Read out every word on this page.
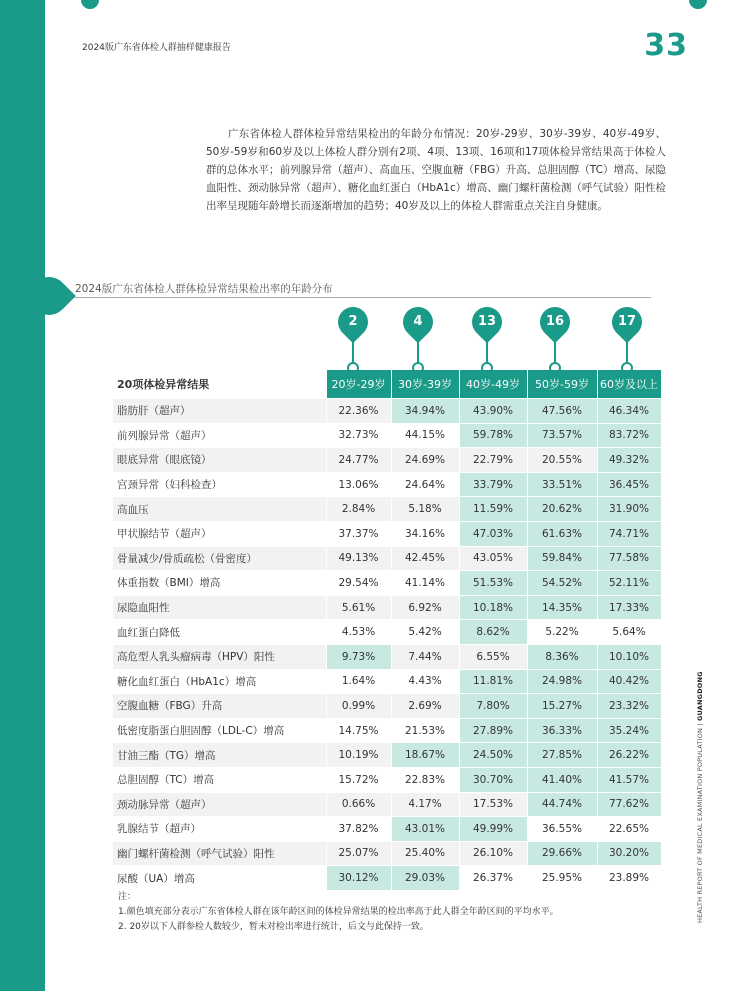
2024版广东省体检人群抽样健康报告	33

广东省体检人群体检异常结果检出的年龄分布情况：20岁-29岁、30岁-39岁、40岁-49岁、50岁-59岁和60岁及以上体检人群分别有2项、4项、13项、16项和17项体检异常结果高于体检人群的总体水平；前列腺异常（超声）、高血压、空腹血糖（FBG）升高、总胆固醇（TC）增高、尿隐血阳性、颈动脉异常（超声）、糖化血红蛋白（HbA1c）增高、幽门螺杆菌检测（呼气试验）阳性检出率呈现随年龄增长而逐渐增加的趋势；40岁及以上的体检人群需重点关注自身健康。

2024版广东省体检人群体检异常结果检出率的年龄分布
2	4	13	16	17
20项体检异常结果	20岁-29岁	30岁-39岁	40岁-49岁	50岁-59岁	60岁及以上
脂肪肝（超声）	22.36%	34.94%	43.90%	47.56%	46.34%
前列腺异常（超声）	32.73%	44.15%	59.78%	73.57%	83.72%
眼底异常（眼底镜）	24.77%	24.69%	22.79%	20.55%	49.32%
宫颈异常（妇科检查）	13.06%	24.64%	33.79%	33.51%	36.45%
高血压	2.84%	5.18%	11.59%	20.62%	31.90%
甲状腺结节（超声）	37.37%	34.16%	47.03%	61.63%	74.71%
骨量减少/骨质疏松（骨密度）	49.13%	42.45%	43.05%	59.84%	77.58%
体重指数（BMI）增高	29.54%	41.14%	51.53%	54.52%	52.11%
尿隐血阳性	5.61%	6.92%	10.18%	14.35%	17.33%
血红蛋白降低	4.53%	5.42%	8.62%	5.22%	5.64%
高危型人乳头瘤病毒（HPV）阳性	9.73%	7.44%	6.55%	8.36%	10.10%
糖化血红蛋白（HbA1c）增高	1.64%	4.43%	11.81%	24.98%	40.42%
空腹血糖（FBG）升高	0.99%	2.69%	7.80%	15.27%	23.32%
低密度脂蛋白胆固醇（LDL-C）增高	14.75%	21.53%	27.89%	36.33%	35.24%
甘油三酯（TG）增高	10.19%	18.67%	24.50%	27.85%	26.22%
总胆固醇（TC）增高	15.72%	22.83%	30.70%	41.40%	41.57%
颈动脉异常（超声）	0.66%	4.17%	17.53%	44.74%	77.62%
乳腺结节（超声）	37.82%	43.01%	49.99%	36.55%	22.65%
幽门螺杆菌检测（呼气试验）阳性	25.07%	25.40%	26.10%	29.66%	30.20%
尿酸（UA）增高	30.12%	29.03%	26.37%	25.95%	23.89%
注：
1.颜色填充部分表示广东省体检人群在该年龄区间的体检异常结果的检出率高于此人群全年龄区间的平均水平。
2. 20岁以下人群参检人数较少，暂未对检出率进行统计，后文与此保持一致。
HEALTH REPORT OF MEDICAL EXAMINATION POPULATION | GUANGDONG
